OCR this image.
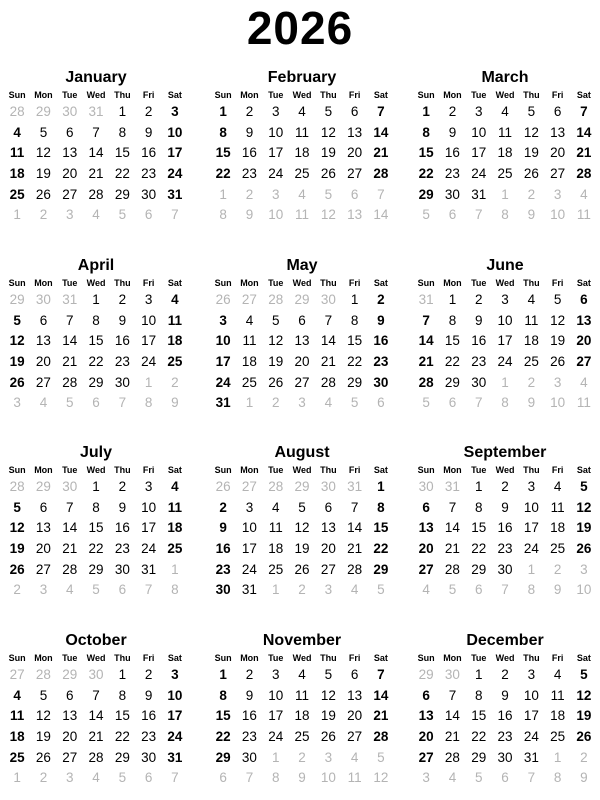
2026
January
Sun Mon	Tue	Wed Thu	Fri	Sat
28 29 30 31	1	2	3
4	5	6	7	8	9	10
11 12 13 14 15 16 17
18 19 20 21 22 23 24
25 26 27 28 29 30 31
1	2	3	4	5	6	7
February
Sun Mon	Tue	Wed Thu	Fri	Sat
1	2	3	4	5	6	7
8	9	10 11 12 13 14
15 16 17 18 19 20 21
22 23 24 25 26 27 28
1	2	3	4	5	6	7
8	9	10 11 12 13 14
March
Sun Mon	Tue	Wed Thu	Fri	Sat
1	2	3	4	5	6	7
8	9	10 11 12 13 14
15 16 17 18 19 20 21
22 23 24 25 26 27 28
29 30 31	1	2	3	4
5	6	7	8	9	10 11
April
Sun Mon	Tue	Wed Thu	Fri	Sat
29 30 31	1	2	3	4
5	6	7	8	9	10 11
12 13 14 15 16 17 18
19 20 21 22 23 24 25
26 27 28 29 30	1	2
3	4	5	6	7	8	9
May
Sun Mon	Tue	Wed Thu	Fri	Sat
26 27 28 29 30	1	2
3	4	5	6	7	8	9
10 11 12 13 14 15 16
17 18 19 20 21 22 23
24 25 26 27 28 29 30
31	1	2	3	4	5	6
June
Sun Mon	Tue	Wed Thu	Fri	Sat
31	1	2	3	4	5	6
7	8	9	10 11 12 13
14 15 16 17 18 19 20
21 22 23 24 25 26 27
28 29 30	1	2	3	4
5	6	7	8	9	10 11
July
Sun Mon	Tue	Wed Thu	Fri	Sat
28 29 30	1	2	3	4
5	6	7	8	9	10 11
12 13 14 15 16 17 18
19 20 21 22 23 24 25
26 27 28 29 30 31	1
2	3	4	5	6	7	8
August
Sun Mon	Tue	Wed Thu	Fri	Sat
26 27 28 29 30 31	1
2	3	4	5	6	7	8
9	10 11 12 13 14 15
16 17 18 19 20 21 22
23 24 25 26 27 28 29
30 31	1	2	3	4	5
September
Sun Mon	Tue	Wed Thu	Fri	Sat
30 31	1	2	3	4	5
6	7	8	9	10 11 12
13 14 15 16 17 18 19
20 21 22 23 24 25 26
27 28 29 30	1	2	3
4	5	6	7	8	9	10
October
Sun Mon	Tue	Wed Thu	Fri	Sat
27 28 29 30	1	2	3
4	5	6	7	8	9	10
11 12 13 14 15 16 17
18 19 20 21 22 23 24
25 26 27 28 29 30 31
1	2	3	4	5	6	7
November
Sun Mon	Tue	Wed Thu	Fri	Sat
1	2	3	4	5	6	7
8	9	10 11 12 13 14
15 16 17 18 19 20 21
22 23 24 25 26 27 28
29 30	1	2	3	4	5
6	7	8	9	10 11 12
December
Sun Mon	Tue	Wed Thu	Fri	Sat
29 30	1	2	3	4	5
6	7	8	9	10 11 12
13 14 15 16 17 18 19
20 21 22 23 24 25 26
27 28 29 30 31	1	2
3	4	5	6	7	8	9
